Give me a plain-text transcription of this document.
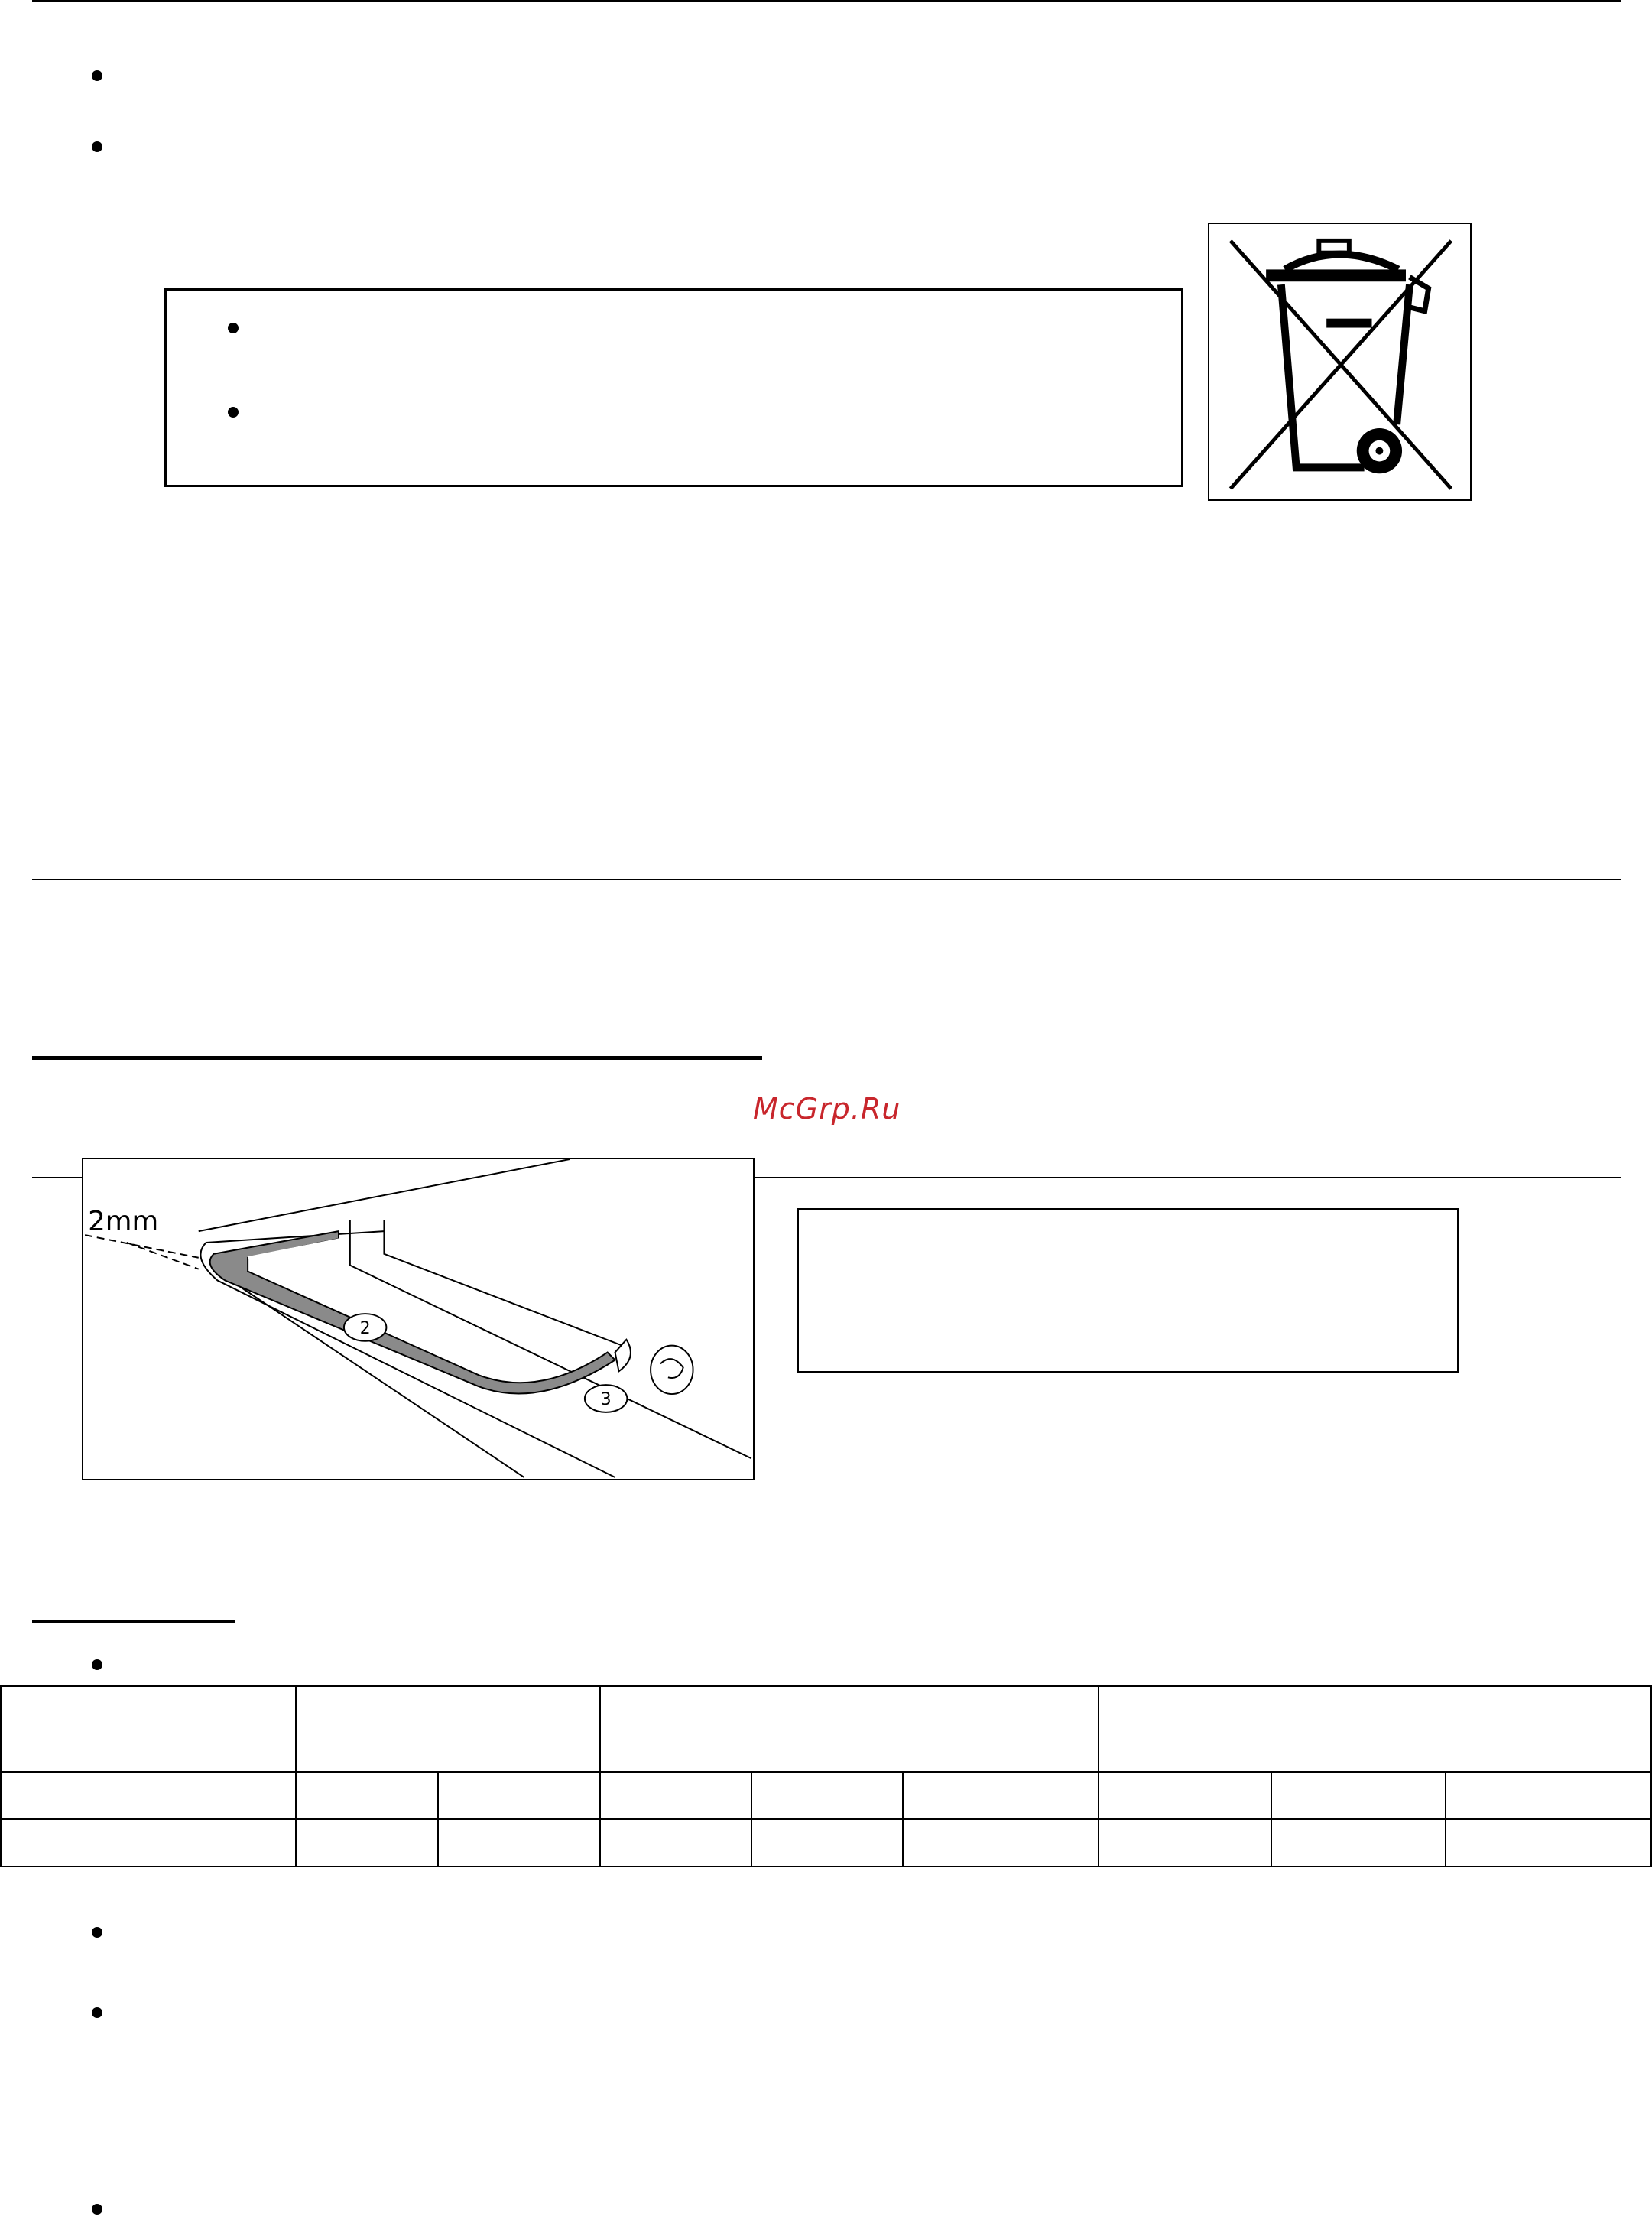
McGrp.Ru
2mm
2
3
